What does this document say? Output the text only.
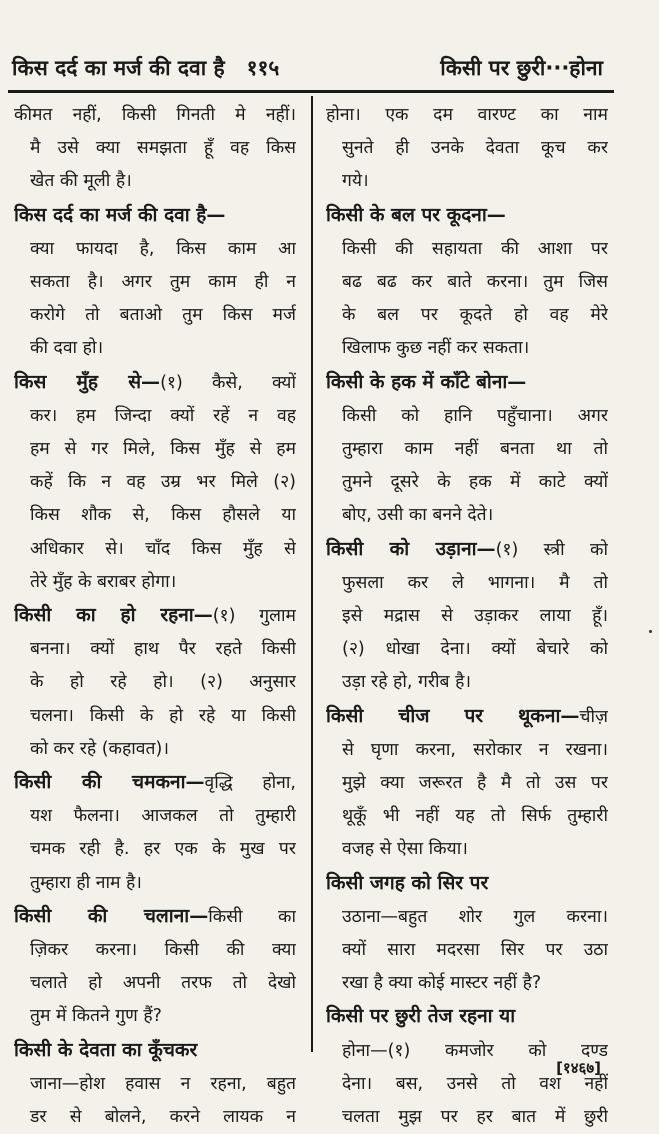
किस दर्द का मर्ज की दवा है ११५	किसी पर छुरी···होना
कीमत नहीं, किसी गिनती मे नहीं।
मै उसे क्या समझता हूँ वह किस
खेत की मूली है।
किस दर्द का मर्ज की दवा है—
क्या फायदा है, किस काम आ
सकता है। अगर तुम काम ही न
करोगे तो बताओ तुम किस मर्ज
की दवा हो।
किस मुँह से—(१) कैसे, क्यों
कर। हम जिन्दा क्यों रहें न वह
हम से गर मिले, किस मुँह से हम
कहें कि न वह उम्र भर मिले (२)
किस शौक से, किस हौसले या
अधिकार से। चाँद किस मुँह से
तेरे मुँह के बराबर होगा।
किसी का हो रहना—(१) गुलाम
बनना। क्यों हाथ पैर रहते किसी
के हो रहे हो। (२) अनुसार
चलना। किसी के हो रहे या किसी
को कर रहे (कहावत)।
किसी की चमकना—वृद्धि होना,
यश फैलना। आजकल तो तुम्हारी
चमक रही है. हर एक के मुख पर
तुम्हारा ही नाम है।
किसी की चलाना—किसी का
ज़िकर करना। किसी की क्या
चलाते हो अपनी तरफ तो देखो
तुम में कितने गुण हैं?
किसी के देवता का कूँचकर
जाना—होश हवास न रहना, बहुत
डर से बोलने, करने लायक न
होना। एक दम वारण्ट का नाम
सुनते ही उनके देवता कूच कर
गये।
किसी के बल पर कूदना—
किसी की सहायता की आशा पर
बढ बढ कर बाते करना। तुम जिस
के बल पर कूदते हो वह मेरे
खिलाफ कुछ नहीं कर सकता।
किसी के हक में काँटे बोना—
किसी को हानि पहुँचाना। अगर
तुम्हारा काम नहीं बनता था तो
तुमने दूसरे के हक में काटे क्यों
बोए, उसी का बनने देते।
किसी को उड़ाना—(१) स्त्री को
फुसला कर ले भागना। मै तो
इसे मद्रास से उड़ाकर लाया हूँ।
(२) धोखा देना। क्यों बेचारे को
उड़ा रहे हो, गरीब है।
किसी चीज पर थूकना—चीज़
से घृणा करना, सरोकार न रखना।
मुझे क्या जरूरत है मै तो उस पर
थूकूँ भी नहीं यह तो सिर्फ तुम्हारी
वजह से ऐसा किया।
किसी जगह को सिर पर
उठाना—बहुत शोर गुल करना।
क्यों सारा मदरसा सिर पर उठा
रखा है क्या कोई मास्टर नहीं है?
किसी पर छुरी तेज रहना या
होना—(१) कमजोर को दण्ड
देना। बस, उनसे तो वश नहीं
चलता मुझ पर हर बात में छुरी
[१४६७]
